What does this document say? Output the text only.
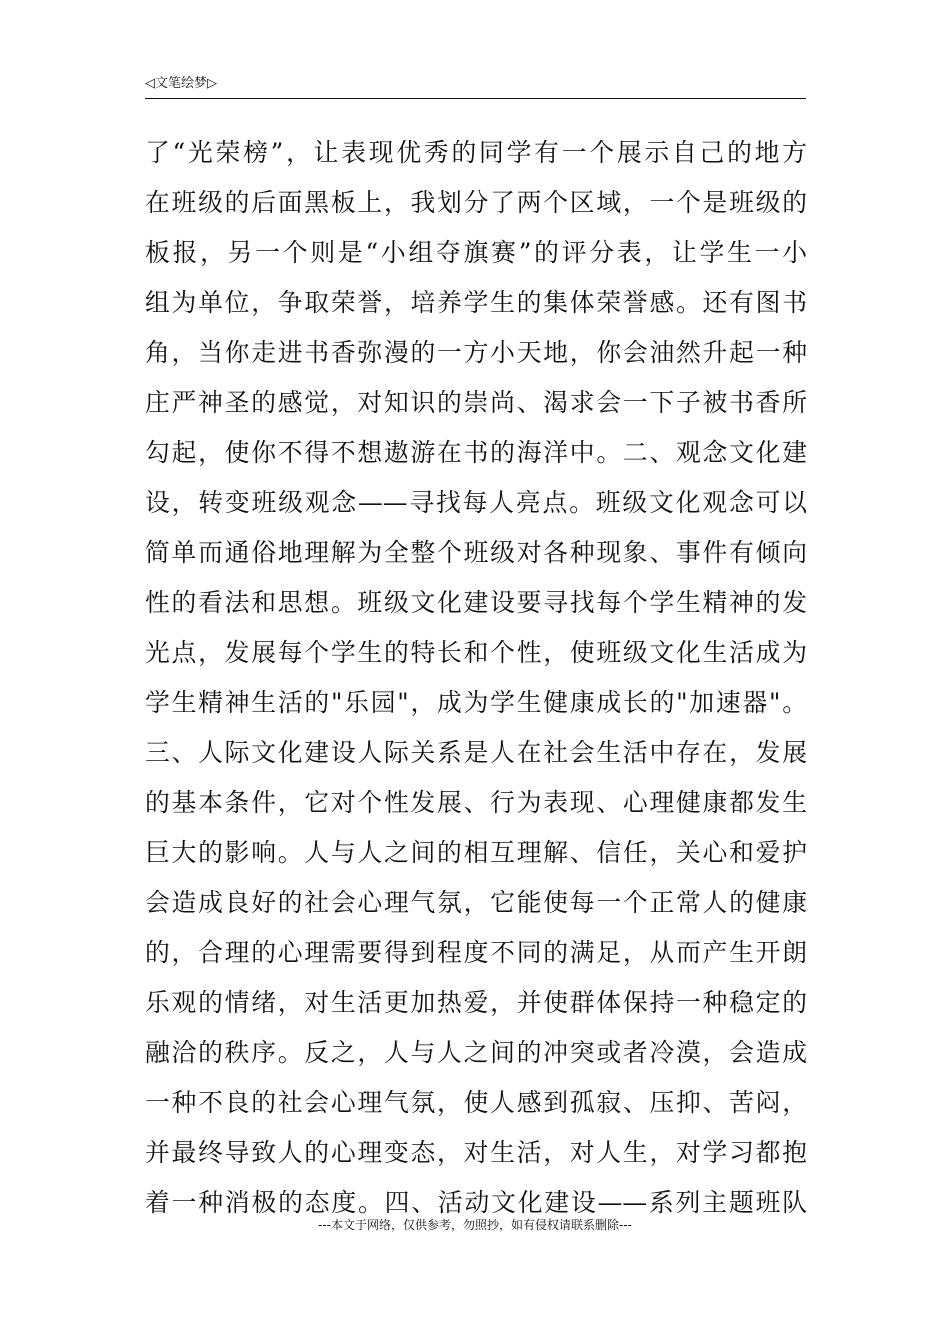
◁文笔绘梦▷
了“光荣榜”，让表现优秀的同学有一个展示自己的地方
在班级的后面黑板上，我划分了两个区域，一个是班级的
板报，另一个则是“小组夺旗赛”的评分表，让学生一小
组为单位，争取荣誉，培养学生的集体荣誉感。还有图书
角，当你走进书香弥漫的一方小天地，你会油然升起一种
庄严神圣的感觉，对知识的崇尚、渴求会一下子被书香所
勾起，使你不得不想遨游在书的海洋中。二、观念文化建
设，转变班级观念——寻找每人亮点。班级文化观念可以
简单而通俗地理解为全整个班级对各种现象、事件有倾向
性的看法和思想。班级文化建设要寻找每个学生精神的发
光点，发展每个学生的特长和个性，使班级文化生活成为
学生精神生活的"乐园"，成为学生健康成长的"加速器"。
三、人际文化建设人际关系是人在社会生活中存在，发展
的基本条件，它对个性发展、行为表现、心理健康都发生
巨大的影响。人与人之间的相互理解、信任，关心和爱护
会造成良好的社会心理气氛，它能使每一个正常人的健康
的，合理的心理需要得到程度不同的满足，从而产生开朗
乐观的情绪，对生活更加热爱，并使群体保持一种稳定的
融洽的秩序。反之，人与人之间的冲突或者冷漠，会造成
一种不良的社会心理气氛，使人感到孤寂、压抑、苦闷，
并最终导致人的心理变态，对生活，对人生，对学习都抱
着一种消极的态度。四、活动文化建设——系列主题班队
---本文于网络，仅供参考，勿照抄，如有侵权请联系删除---
